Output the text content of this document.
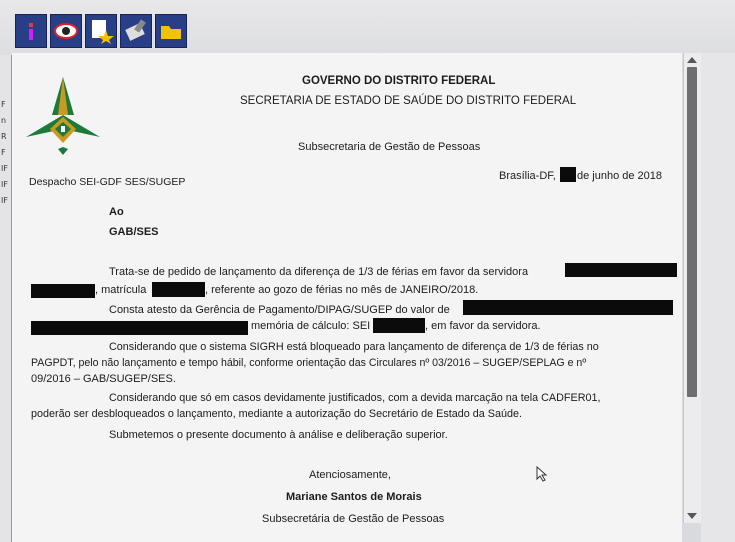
F
n
R
F
IF
IF
IF
GOVERNO DO DISTRITO FEDERAL
SECRETARIA DE ESTADO DE SAÚDE DO DISTRITO FEDERAL
Subsecretaria de Gestão de Pessoas
Despacho SEI-GDF SES/SUGEP	Brasília-DF, de junho de 2018
Ao
GAB/SES
Trata-se de pedido de lançamento da diferença de 1/3 de férias em favor da servidora
, matrícula	, referente ao gozo de férias no mês de JANEIRO/2018.
Consta atesto da Gerência de Pagamento/DIPAG/SUGEP do valor de
memória de cálculo: SEI	, em favor da servidora.
Considerando que o sistema SIGRH está bloqueado para lançamento de diferença de 1/3 de férias no
PAGPDT, pelo não lançamento e tempo hábil, conforme orientação das Circulares nº 03/2016 – SUGEP/SEPLAG e nº
09/2016 – GAB/SUGEP/SES.
Considerando que só em casos devidamente justificados, com a devida marcação na tela CADFER01,
poderão ser desbloqueados o lançamento, mediante a autorização do Secretário de Estado da Saúde.
Submetemos o presente documento à análise e deliberação superior.
Atenciosamente,
Mariane Santos de Morais
Subsecretária de Gestão de Pessoas
